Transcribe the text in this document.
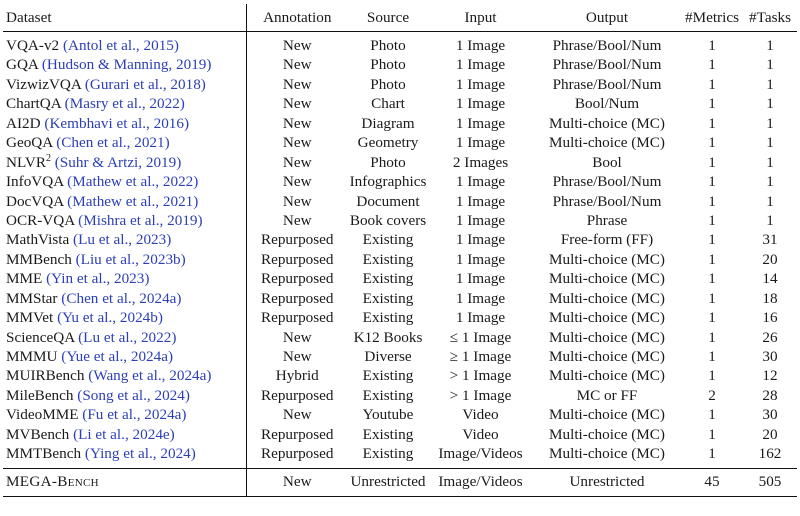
Dataset	Annotation	Source	Input	Output	#Metrics	#Tasks
VQA-v2 (Antol et al., 2015)	New	Photo	1 Image	Phrase/Bool/Num	1	1
GQA (Hudson & Manning, 2019)	New	Photo	1 Image	Phrase/Bool/Num	1	1
VizwizVQA (Gurari et al., 2018)	New	Photo	1 Image	Phrase/Bool/Num	1	1
ChartQA (Masry et al., 2022)	New	Chart	1 Image	Bool/Num	1	1
AI2D (Kembhavi et al., 2016)	New	Diagram	1 Image	Multi-choice (MC)	1	1
GeoQA (Chen et al., 2021)	New	Geometry	1 Image	Multi-choice (MC)	1	1
NLVR$^2$ (Suhr & Artzi, 2019)	New	Photo	2 Images	Bool	1	1
InfoVQA (Mathew et al., 2022)	New	Infographics	1 Image	Phrase/Bool/Num	1	1
DocVQA (Mathew et al., 2021)	New	Document	1 Image	Phrase/Bool/Num	1	1
OCR-VQA (Mishra et al., 2019)	New	Book covers	1 Image	Phrase	1	1
MathVista (Lu et al., 2023)	Repurposed	Existing	1 Image	Free-form (FF)	1	31
MMBench (Liu et al., 2023b)	Repurposed	Existing	1 Image	Multi-choice (MC)	1	20
MME (Yin et al., 2023)	Repurposed	Existing	1 Image	Multi-choice (MC)	1	14
MMStar (Chen et al., 2024a)	Repurposed	Existing	1 Image	Multi-choice (MC)	1	18
MMVet (Yu et al., 2024b)	Repurposed	Existing	1 Image	Multi-choice (MC)	1	16
ScienceQA (Lu et al., 2022)	New	K12 Books	≤ 1 Image	Multi-choice (MC)	1	26
MMMU (Yue et al., 2024a)	New	Diverse	≥ 1 Image	Multi-choice (MC)	1	30
MUIRBench (Wang et al., 2024a)	Hybrid	Existing	> 1 Image	Multi-choice (MC)	1	12
MileBench (Song et al., 2024)	Repurposed	Existing	> 1 Image	MC or FF	2	28
VideoMME (Fu et al., 2024a)	New	Youtube	Video	Multi-choice (MC)	1	30
MVBench (Li et al., 2024e)	Repurposed	Existing	Video	Multi-choice (MC)	1	20
MMTBench (Ying et al., 2024)	Repurposed	Existing	Image/Videos	Multi-choice (MC)	1	162
MEGA-Bench	New	Unrestricted	Image/Videos	Unrestricted	45	505
